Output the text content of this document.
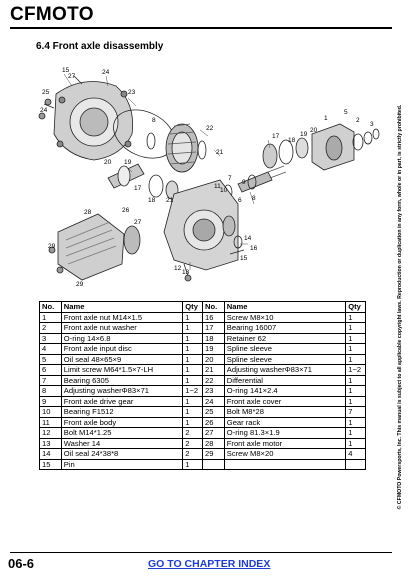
CFMOTO
6.4 Front axle disassembly
© CFMOTO Powersports, Inc. This manual is subject to all applicable copyright laws. Reproduction or duplication in any form, whole or in part, is strictly prohibited.
15
27
24
25
24
23
8
22
21
17
1
5
2
3
18
19
20
20 19
17
18 21
7
9
10
11
6 8
14
16
13
12
15
28	26
29
29
27
No.	Name	Qty	No.	Name	Qty
1	Front axle nut M14×1.5	1	16	Screw M8×10	1
2	Front axle nut washer	1	17	Bearing 16007	1
3	O-ring 14×6.8	1	18	Retainer 62	1
4	Front axle input disc	1	19	Spline sleeve	1
5	Oil seal 48×65×9	1	20	Spline sleeve	1
6	Limit screw M64*1.5×7-LH	1	21	Adjusting washerΦ83×71	1~2
7	Bearing 6305	1	22	Differential	1
8	Adjusting washerΦ83×71	1~2	23	O-ring 141×2.4	1
9	Front axle drive gear	1	24	Front axle cover	1
10	Bearing F1512	1	25	Bolt M8*28	7
11	Front axle body	1	26	Gear rack	1
12	Bolt M14*1.25	2	27	O-ring 81.3×1.9	1
13	Washer 14	2	28	Front axle motor	1
14	Oil seal 24*38*8	2	29	Screw M8×20	4
15	Pin	1			
06-6	GO TO CHAPTER INDEX
